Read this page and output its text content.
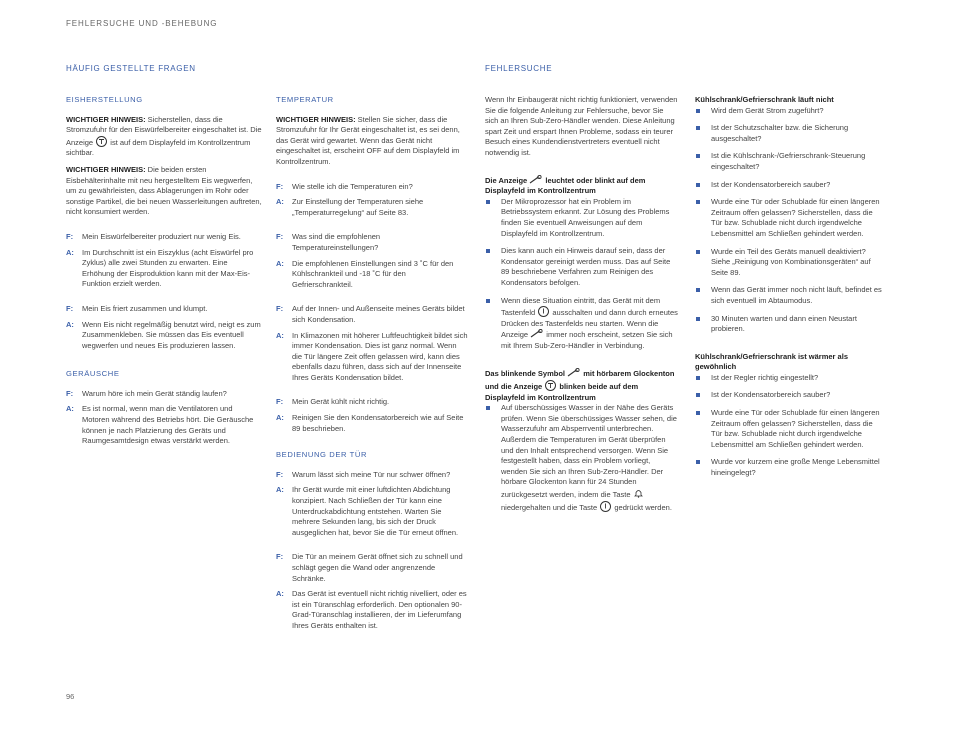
FEHLERSUCHE UND -BEHEBUNG
HÄUFIG GESTELLTE FRAGEN	FEHLERSUCHE
EISHERSTELLUNG

WICHTIGER HINWEIS: Sicherstellen, dass die Stromzufuhr für den Eiswürfelbereiter eingeschaltet ist. Die Anzeige
ist auf dem Displayfeld im Kontrollzentrum sichtbar.

WICHTIGER HINWEIS: Die beiden ersten Eisbehälterinhalte mit neu hergestelltem Eis wegwerfen, um zu gewährleisten, dass Ablagerungen im Rohr oder sonstige Partikel, die bei neuen Wasserleitungen auftreten, nicht konsumiert werden.

F:	Mein Eiswürfelbereiter produziert nur wenig Eis.
A:	Im Durchschnitt ist ein Eiszyklus (acht Eiswürfel pro Zyklus) alle zwei Stunden zu erwarten. Eine Erhöhung der Eisproduktion kann mit der Max-Eis-Funktion erzielt werden.
F:	Mein Eis friert zusammen und klumpt.
A:	Wenn Eis nicht regelmäßig benutzt wird, neigt es zum Zusammenkleben. Sie müssen das Eis eventuell wegwerfen und neues Eis produzieren lassen.
GERÄUSCHE
F:	Warum höre ich mein Gerät ständig laufen?
A:	Es ist normal, wenn man die Ventilatoren und Motoren während des Betriebs hört. Die Geräusche können je nach Platzierung des Geräts und Raumgesamtdesign etwas verstärkt werden.
TEMPERATUR

WICHTIGER HINWEIS: Stellen Sie sicher, dass die Stromzufuhr für Ihr Gerät eingeschaltet ist, es sei denn, das Gerät wird gewartet. Wenn das Gerät nicht eingeschaltet ist, erscheint OFF auf dem Displayfeld im Kontrollzentrum.

F:	Wie stelle ich die Temperaturen ein?
A:	Zur Einstellung der Temperaturen siehe „Temperaturregelung“ auf Seite 83.
F:	Was sind die empfohlenen Temperatureinstellungen?
A:	Die empfohlenen Einstellungen sind 3 ˚C für den Kühlschrankteil und -18 ˚C für den Gefrierschrankteil.
F:	Auf der Innen- und Außenseite meines Geräts bildet sich Kondensation.
A:	In Klimazonen mit höherer Luftfeuchtigkeit bildet sich immer Kondensation. Dies ist ganz normal. Wenn die Tür längere Zeit offen gelassen wird, kann dies ebenfalls dazu führen, dass sich auf der Innenseite Ihres Geräts Kondensation bildet.
F:	Mein Gerät kühlt nicht richtig.
A:	Reinigen Sie den Kondensatorbereich wie auf Seite 89 beschrieben.
BEDIENUNG DER TÜR
F:	Warum lässt sich meine Tür nur schwer öffnen?
A:	Ihr Gerät wurde mit einer luftdichten Abdichtung konzipiert. Nach Schließen der Tür kann eine Unterdruckabdichtung entstehen. Warten Sie mehrere Sekunden lang, bis sich der Druck ausgeglichen hat, bevor Sie die Tür erneut öffnen.
F:	Die Tür an meinem Gerät öffnet sich zu schnell und schlägt gegen die Wand oder angrenzende Schränke.
A:	Das Gerät ist eventuell nicht richtig nivelliert, oder es ist ein Türanschlag erforderlich. Den optionalen 90-Grad-Türanschlag installieren, der im Lieferumfang Ihres Geräts enthalten ist.

Wenn Ihr Einbaugerät nicht richtig funktioniert, verwenden Sie die folgende Anleitung zur Fehlersuche, bevor Sie sich an Ihren Sub-Zero-Händler wenden. Diese Anleitung spart Zeit und erspart Ihnen Probleme, sodass ein teurer Besuch eines Kundendienstvertreters eventuell nicht notwendig ist.

Die Anzeige  leuchtet oder blinkt auf dem Displayfeld im Kontrollzentrum

Der Mikroprozessor hat ein Problem im Betriebssystem erkannt. Zur Lösung des Problems finden Sie eventuell Anweisungen auf dem Displayfeld im Kontrollzentrum.
Dies kann auch ein Hinweis darauf sein, dass der Kondensator gereinigt werden muss. Das auf Seite 89 beschriebene Verfahren zum Reinigen des Kondensators befolgen.
Wenn diese Situation eintritt, das Gerät mit dem Tastenfeld
ausschalten und dann durch erneutes Drücken des Tastenfelds neu starten. Wenn die Anzeige  immer noch erscheint, setzen Sie sich mit Ihrem Sub-Zero-Händler in Verbindung.

Das blinkende Symbol  mit hörbarem Glockenton und die Anzeige
blinken beide auf dem Displayfeld im Kontrollzentrum

Auf überschüssiges Wasser in der Nähe des Geräts prüfen. Wenn Sie überschüssiges Wasser sehen, die Wasserzufuhr am Absperrventil unterbrechen. Außerdem die Temperaturen im Gerät überprüfen und den Inhalt entsprechend versorgen. Wenn Sie festgestellt haben, dass ein Problem vorliegt, wenden Sie sich an Ihren Sub-Zero-Händler. Der hörbare Glockenton kann für 24 Stunden zurückgesetzt werden, indem die Taste  niedergehalten und die Taste
gedrückt werden.

Kühlschrank/Gefrierschrank läuft nicht

Wird dem Gerät Strom zugeführt?
Ist der Schutzschalter bzw. die Sicherung ausgeschaltet?
Ist die Kühlschrank-/Gefrierschrank-Steuerung eingeschaltet?
Ist der Kondensatorbereich sauber?
Wurde eine Tür oder Schublade für einen längeren Zeitraum offen gelassen? Sicherstellen, dass die Tür bzw. Schublade nicht durch irgendwelche Lebensmittel am Schließen gehindert werden.
Wurde ein Teil des Geräts manuell deaktiviert? Siehe „Reinigung von Kombinationsgeräten“ auf Seite 89.
Wenn das Gerät immer noch nicht läuft, befindet es sich eventuell im Abtaumodus.
30 Minuten warten und dann einen Neustart probieren.

Kühlschrank/Gefrierschrank ist wärmer als gewöhnlich

Ist der Regler richtig eingestellt?
Ist der Kondensatorbereich sauber?
Wurde eine Tür oder Schublade für einen längeren Zeitraum offen gelassen? Sicherstellen, dass die Tür bzw. Schublade nicht durch irgendwelche Lebensmittel am Schließen gehindert werden.
Wurde vor kurzem eine große Menge Lebensmittel hineingelegt?
96
